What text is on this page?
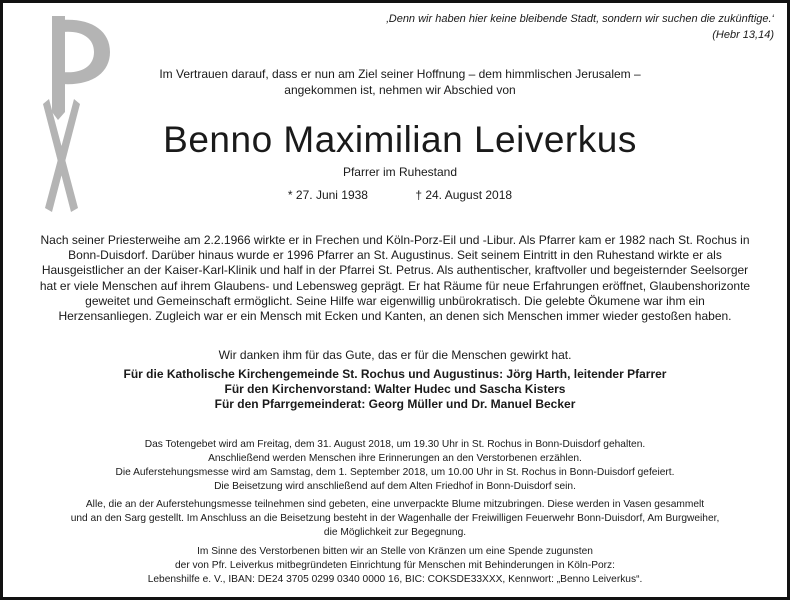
‚Denn wir haben hier keine bleibende Stadt, sondern wir suchen die zukünftige.‘
(Hebr 13,14)
Im Vertrauen darauf, dass er nun am Ziel seiner Hoffnung – dem himmlischen Jerusalem –
angekommen ist, nehmen wir Abschied von
Benno Maximilian Leiverkus
Pfarrer im Ruhestand
* 27. Juni 1938	† 24. August 2018
Nach seiner Priesterweihe am 2.2.1966 wirkte er in Frechen und Köln-Porz-Eil und -Libur. Als Pfarrer kam er 1982 nach St. Rochus in
Bonn-Duisdorf. Darüber hinaus wurde er 1996 Pfarrer an St. Augustinus. Seit seinem Eintritt in den Ruhestand wirkte er als
Hausgeistlicher an der Kaiser-Karl-Klinik und half in der Pfarrei St. Petrus. Als authentischer, kraftvoller und begeisternder Seelsorger
hat er viele Menschen auf ihrem Glaubens- und Lebensweg geprägt. Er hat Räume für neue Erfahrungen eröffnet, Glaubenshorizonte
geweitet und Gemeinschaft ermöglicht. Seine Hilfe war eigenwillig unbürokratisch. Die gelebte Ökumene war ihm ein
Herzensanliegen. Zugleich war er ein Mensch mit Ecken und Kanten, an denen sich Menschen immer wieder gestoßen haben.
Wir danken ihm für das Gute, das er für die Menschen gewirkt hat.
Für die Katholische Kirchengemeinde St. Rochus und Augustinus: Jörg Harth, leitender Pfarrer
Für den Kirchenvorstand: Walter Hudec und Sascha Kisters
Für den Pfarrgemeinderat: Georg Müller und Dr. Manuel Becker
Das Totengebet wird am Freitag, dem 31. August 2018, um 19.30 Uhr in St. Rochus in Bonn-Duisdorf gehalten.
Anschließend werden Menschen ihre Erinnerungen an den Verstorbenen erzählen.
Die Auferstehungsmesse wird am Samstag, dem 1. September 2018, um 10.00 Uhr in St. Rochus in Bonn-Duisdorf gefeiert.
Die Beisetzung wird anschließend auf dem Alten Friedhof in Bonn-Duisdorf sein.
Alle, die an der Auferstehungsmesse teilnehmen sind gebeten, eine unverpackte Blume mitzubringen. Diese werden in Vasen gesammelt
und an den Sarg gestellt. Im Anschluss an die Beisetzung besteht in der Wagenhalle der Freiwilligen Feuerwehr Bonn-Duisdorf, Am Burgweiher,
die Möglichkeit zur Begegnung.
Im Sinne des Verstorbenen bitten wir an Stelle von Kränzen um eine Spende zugunsten
der von Pfr. Leiverkus mitbegründeten Einrichtung für Menschen mit Behinderungen in Köln-Porz:
Lebenshilfe e. V., IBAN: DE24 3705 0299 0340 0000 16, BIC: COKSDE33XXX, Kennwort: „Benno Leiverkus“.
